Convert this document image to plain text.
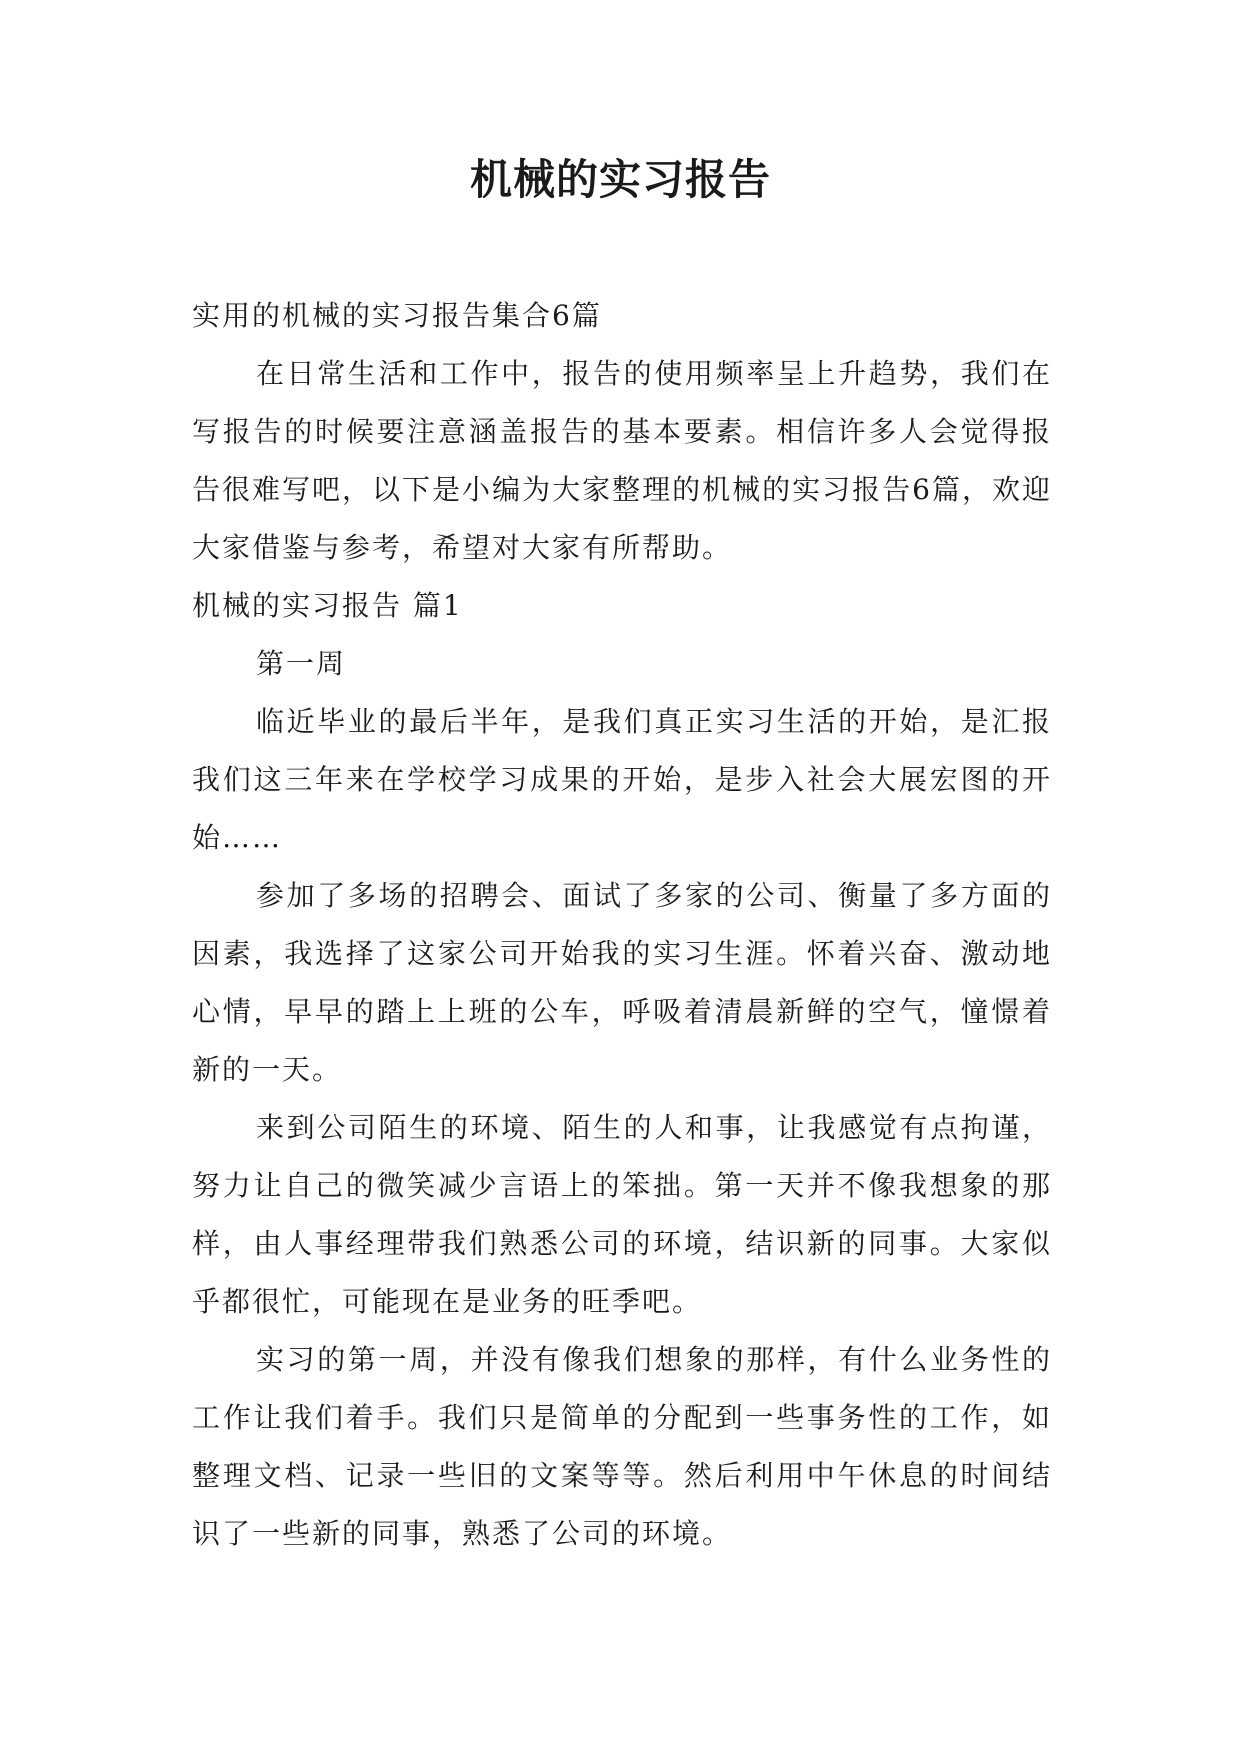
机械的实习报告

实用的机械的实习报告集合6篇

在日常生活和工作中，报告的使用频率呈上升趋势，我们在写报告的时候要注意涵盖报告的基本要素。相信许多人会觉得报告很难写吧，以下是小编为大家整理的机械的实习报告6篇，欢迎大家借鉴与参考，希望对大家有所帮助。

机械的实习报告 篇1

第一周

临近毕业的最后半年，是我们真正实习生活的开始，是汇报我们这三年来在学校学习成果的开始，是步入社会大展宏图的开始……

参加了多场的招聘会、面试了多家的公司、衡量了多方面的因素，我选择了这家公司开始我的实习生涯。怀着兴奋、激动地心情，早早的踏上上班的公车，呼吸着清晨新鲜的空气，憧憬着新的一天。

来到公司陌生的环境、陌生的人和事，让我感觉有点拘谨，努力让自己的微笑减少言语上的笨拙。第一天并不像我想象的那样，由人事经理带我们熟悉公司的环境，结识新的同事。大家似乎都很忙，可能现在是业务的旺季吧。

实习的第一周，并没有像我们想象的那样，有什么业务性的工作让我们着手。我们只是简单的分配到一些事务性的工作，如整理文档、记录一些旧的文案等等。然后利用中午休息的时间结识了一些新的同事，熟悉了公司的环境。
